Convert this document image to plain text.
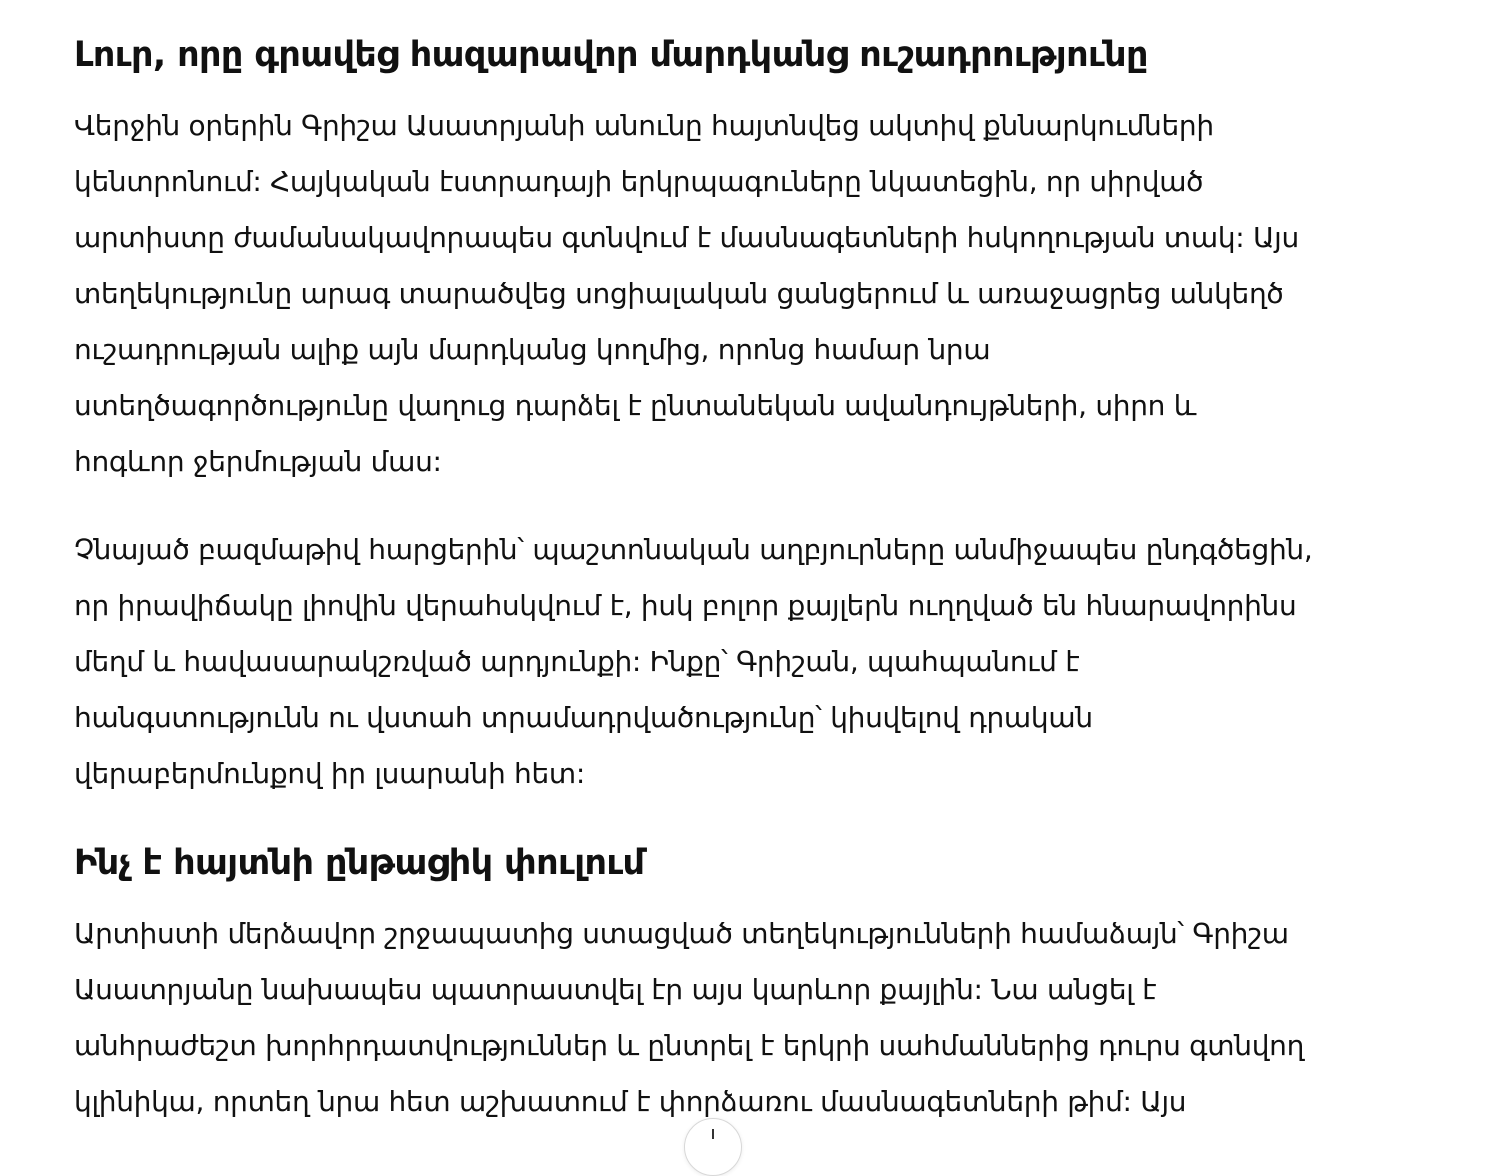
Լուր, որը գրավեց հազարավոր մարդկանց ուշադրությունը

Վերջին օրերին Գրիշա Ասատրյանի անունը հայտնվեց ակտիվ քննարկումների
կենտրոնում: Հայկական էստրադայի երկրպագուները նկատեցին, որ սիրված
արտիստը ժամանակավորապես գտնվում է մասնագետների հսկողության տակ: Այս
տեղեկությունը արագ տարածվեց սոցիալական ցանցերում և առաջացրեց անկեղծ
ուշադրության ալիք այն մարդկանց կողմից, որոնց համար նրա
ստեղծագործությունը վաղուց դարձել է ընտանեկան ավանդույթների, սիրո և
հոգևոր ջերմության մաս:

Չնայած բազմաթիվ հարցերին՝ պաշտոնական աղբյուրները անմիջապես ընդգծեցին,
որ իրավիճակը լիովին վերահսկվում է, իսկ բոլոր քայլերն ուղղված են հնարավորինս
մեղմ և հավասարակշռված արդյունքի: Ինքը՝ Գրիշան, պահպանում է
հանգստությունն ու վստահ տրամադրվածությունը՝ կիսվելով դրական
վերաբերմունքով իր լսարանի հետ:

Ինչ է հայտնի ընթացիկ փուլում

Արտիստի մերձավոր շրջապատից ստացված տեղեկությունների համաձայն՝ Գրիշա
Ասատրյանը նախապես պատրաստվել էր այս կարևոր քայլին: Նա անցել է
անհրաժեշտ խորհրդատվություններ և ընտրել է երկրի սահմաններից դուրս գտնվող
կլինիկա, որտեղ նրա հետ աշխատում է փորձառու մասնագետների թիմ: Այս
